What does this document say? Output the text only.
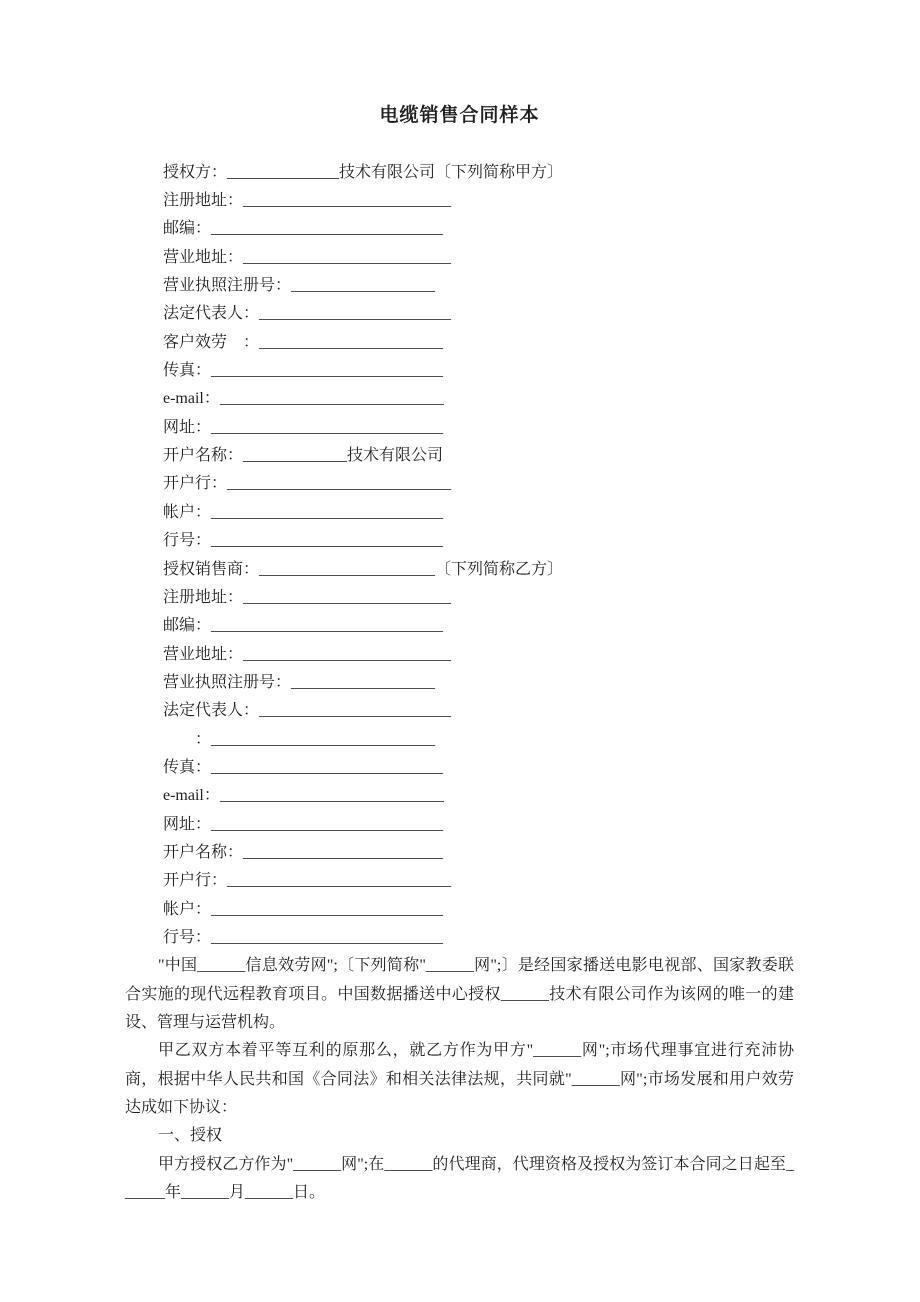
电缆销售合同样本
授权方：______________技术有限公司〔下列简称甲方〕
注册地址：__________________________
邮编：_____________________________
营业地址：__________________________
营业执照注册号：__________________
法定代表人：________________________
客户效劳　：_______________________
传真：_____________________________
e-mail：____________________________
网址：_____________________________
开户名称：_____________技术有限公司
开户行：____________________________
帐户：_____________________________
行号：_____________________________
授权销售商：______________________〔下列简称乙方〕
注册地址：__________________________
邮编：_____________________________
营业地址：__________________________
营业执照注册号：__________________
法定代表人：________________________
　　：____________________________
传真：_____________________________
e-mail：____________________________
网址：_____________________________
开户名称：_________________________
开户行：____________________________
帐户：_____________________________
行号：_____________________________

"中国______信息效劳网";〔下列简称"______网";〕是经国家播送电影电视部、国家教委联合实施的现代远程教育项目。中国数据播送中心授权______技术有限公司作为该网的唯一的建设、管理与运营机构。

甲乙双方本着平等互利的原那么，就乙方作为甲方"______网";市场代理事宜进行充沛协商，根据中华人民共和国《合同法》和相关法律法规，共同就"______网";市场发展和用户效劳达成如下协议：

一、授权

甲方授权乙方作为"______网";在______的代理商，代理资格及授权为签订本合同之日起至______年______月______日。
